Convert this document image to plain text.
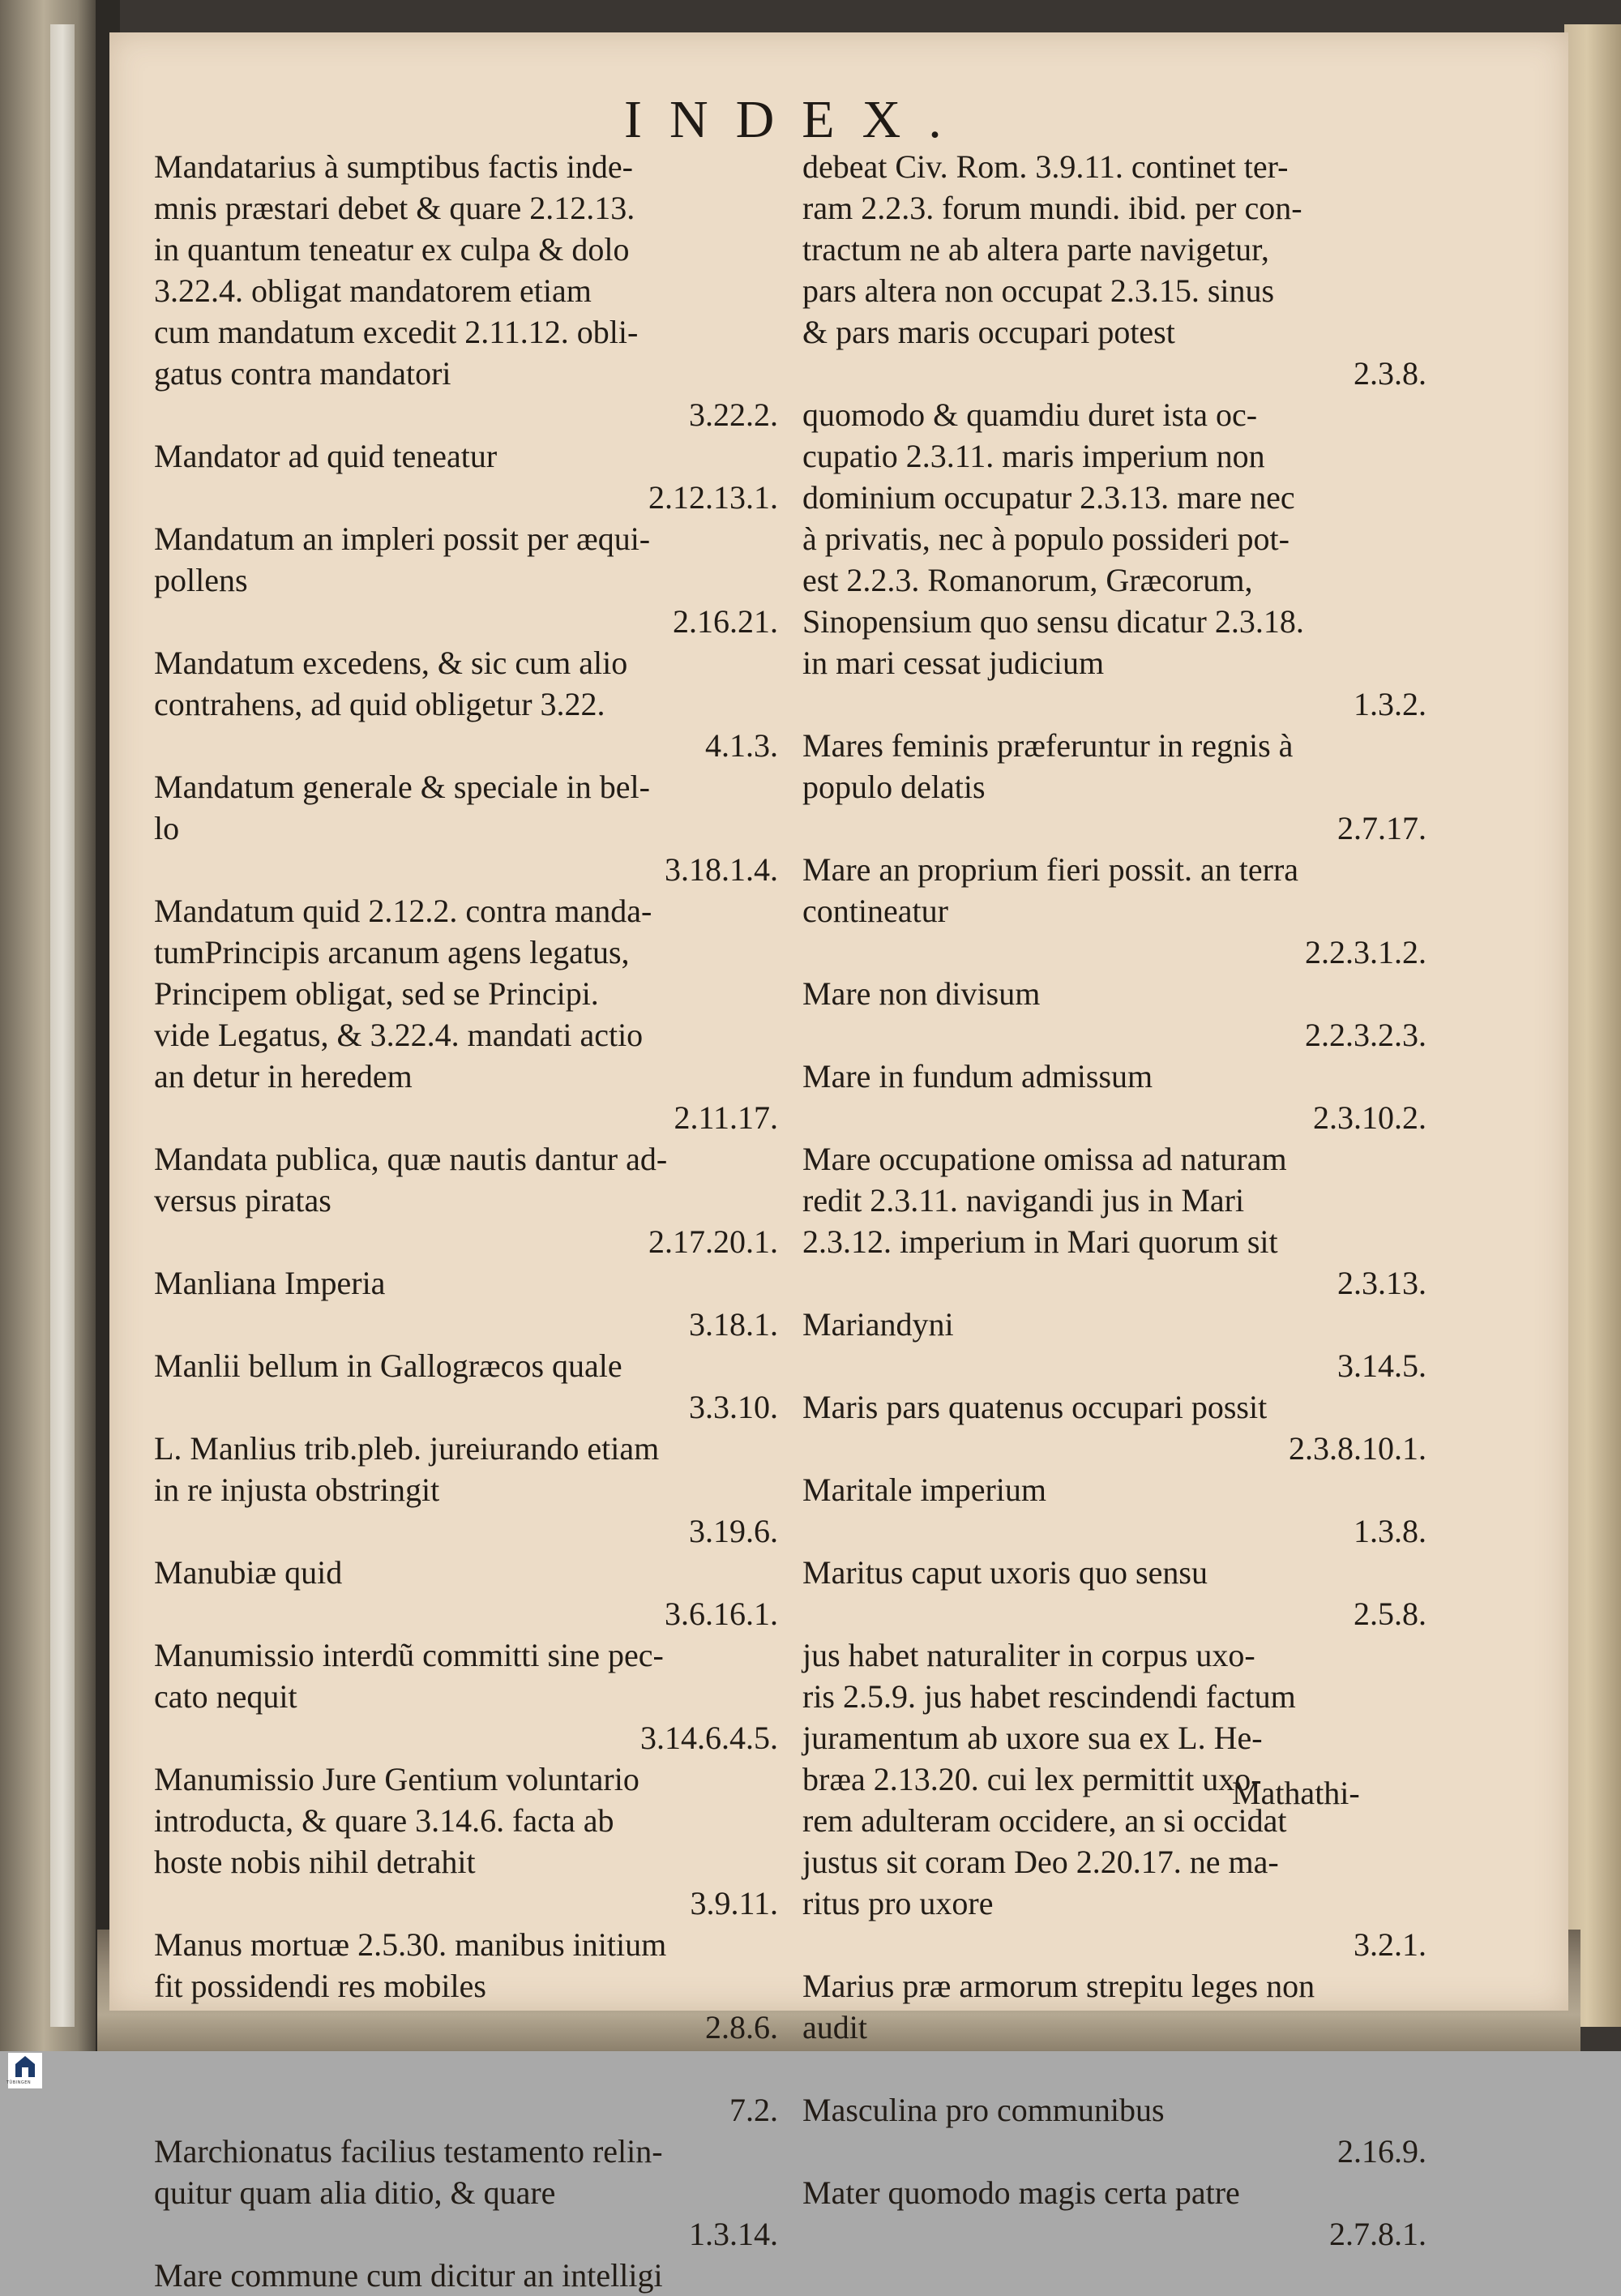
INDEX.
Mandatarius à sumptibus factis inde-
mnis præstari debet & quare 2.12.13.
in quantum teneatur ex culpa & dolo
3.22.4. obligat mandatorem etiam
cum mandatum excedit 2.11.12. obli-
gatus contra mandatori
3.22.2.
Mandator ad quid teneatur
2.12.13.1.
Mandatum an impleri possit per æqui-
pollens
2.16.21.
Mandatum excedens, & sic cum alio
contrahens, ad quid obligetur 3.22.
4.1.3.
Mandatum generale & speciale in bel-
lo
3.18.1.4.
Mandatum quid 2.12.2. contra manda-
tumPrincipis arcanum agens legatus,
Principem obligat, sed se Principi.
vide Legatus, & 3.22.4. mandati actio
an detur in heredem
2.11.17.
Mandata publica, quæ nautis dantur ad-
versus piratas
2.17.20.1.
Manliana Imperia
3.18.1.
Manlii bellum in Gallogræcos quale
3.3.10.
L. Manlius trib.pleb. jureiurando etiam
in re injusta obstringit
3.19.6.
Manubiæ quid
3.6.16.1.
Manumissio interdũ committi sine pec-
cato nequit
3.14.6.4.5.
Manumissio Jure Gentium voluntario
introducta, & quare 3.14.6. facta ab
hoste nobis nihil detrahit
3.9.11.
Manus mortuæ 2.5.30. manibus initium
fit possidendi res mobiles
2.8.6.
7.2.
Marchionatus facilius testamento relin-
quitur quam alia ditio, & quare
1.3.14.
Mare commune cum dicitur an intelligi
debeat Civ. Rom. 3.9.11. continet ter-
ram 2.2.3. forum mundi. ibid. per con-
tractum ne ab altera parte navigetur,
pars altera non occupat 2.3.15. sinus
& pars maris occupari potest
2.3.8.
quomodo & quamdiu duret ista oc-
cupatio 2.3.11. maris imperium non
dominium occupatur 2.3.13. mare nec
à privatis, nec à populo possideri pot-
est 2.2.3. Romanorum, Græcorum,
Sinopensium quo sensu dicatur 2.3.18.
in mari cessat judicium
1.3.2.
Mares feminis præferuntur in regnis à
populo delatis
2.7.17.
Mare an proprium fieri possit. an terra
contineatur
2.2.3.1.2.
Mare non divisum
2.2.3.2.3.
Mare in fundum admissum
2.3.10.2.
Mare occupatione omissa ad naturam
redit 2.3.11. navigandi jus in Mari
2.3.12. imperium in Mari quorum sit
2.3.13.
Mariandyni
3.14.5.
Maris pars quatenus occupari possit
2.3.8.10.1.
Maritale imperium
1.3.8.
Maritus caput uxoris quo sensu
2.5.8.
jus habet naturaliter in corpus uxo-
ris 2.5.9. jus habet rescindendi factum
juramentum ab uxore sua ex L. He-
bræa 2.13.20. cui lex permittit uxo-
rem adulteram occidere, an si occidat
justus sit coram Deo 2.20.17. ne ma-
ritus pro uxore
3.2.1.
Marius præ armorum strepitu leges non
audit
Masculina pro communibus
2.16.9.
Mater quomodo magis certa patre
2.7.8.1.
Mathathi-
TÜBINGEN
